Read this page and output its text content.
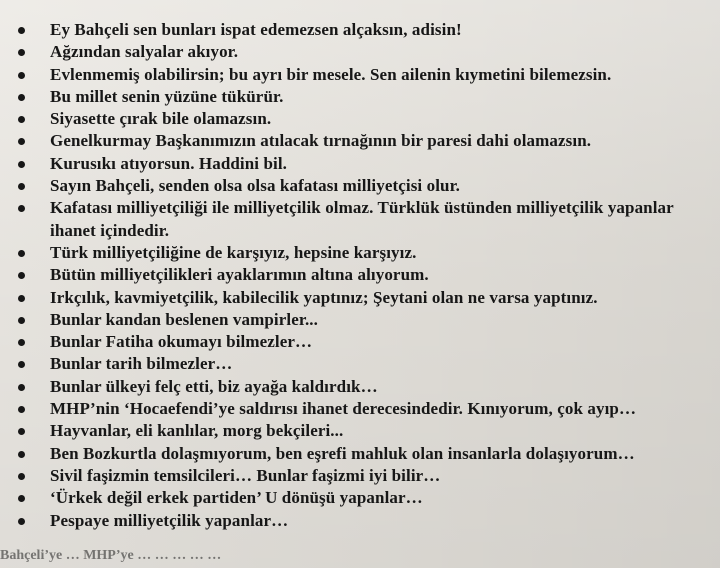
Ey Bahçeli sen bunları ispat edemezsen alçaksın, adisin!
Ağzından salyalar akıyor.
Evlenmemiş olabilirsin; bu ayrı bir mesele. Sen ailenin kıymetini bilemezsin.
Bu millet senin yüzüne tükürür.
Siyasette çırak bile olamazsın.
Genelkurmay Başkanımızın atılacak tırnağının bir paresi dahi olamazsın.
Kurusıkı atıyorsun. Haddini bil.
Sayın Bahçeli, senden olsa olsa kafatası milliyetçisi olur.
Kafatası milliyetçiliği ile milliyetçilik olmaz. Türklük üstünden milliyetçilik yapanlar ihanet içindedir.
Türk milliyetçiliğine de karşıyız, hepsine karşıyız.
Bütün milliyetçilikleri ayaklarımın altına alıyorum.
Irkçılık, kavmiyetçilik, kabilecilik yaptınız; Şeytani olan ne varsa yaptınız.
Bunlar kandan beslenen vampirler...
Bunlar Fatiha okumayı bilmezler…
Bunlar tarih bilmezler…
Bunlar ülkeyi felç etti, biz ayağa kaldırdık…
MHP’nin ‘Hocaefendi’ye saldırısı ihanet derecesindedir. Kınıyorum, çok ayıp…
Hayvanlar, eli kanlılar, morg bekçileri...
Ben Bozkurtla dolaşmıyorum, ben eşrefi mahluk olan insanlarla dolaşıyorum…
Sivil faşizmin temsilcileri… Bunlar faşizmi iyi bilir…
‘Ürkek değil erkek partiden’ U dönüşü yapanlar…
Pespaye milliyetçilik yapanlar…
Bahçeli’ye … MHP’ye … … … … …
